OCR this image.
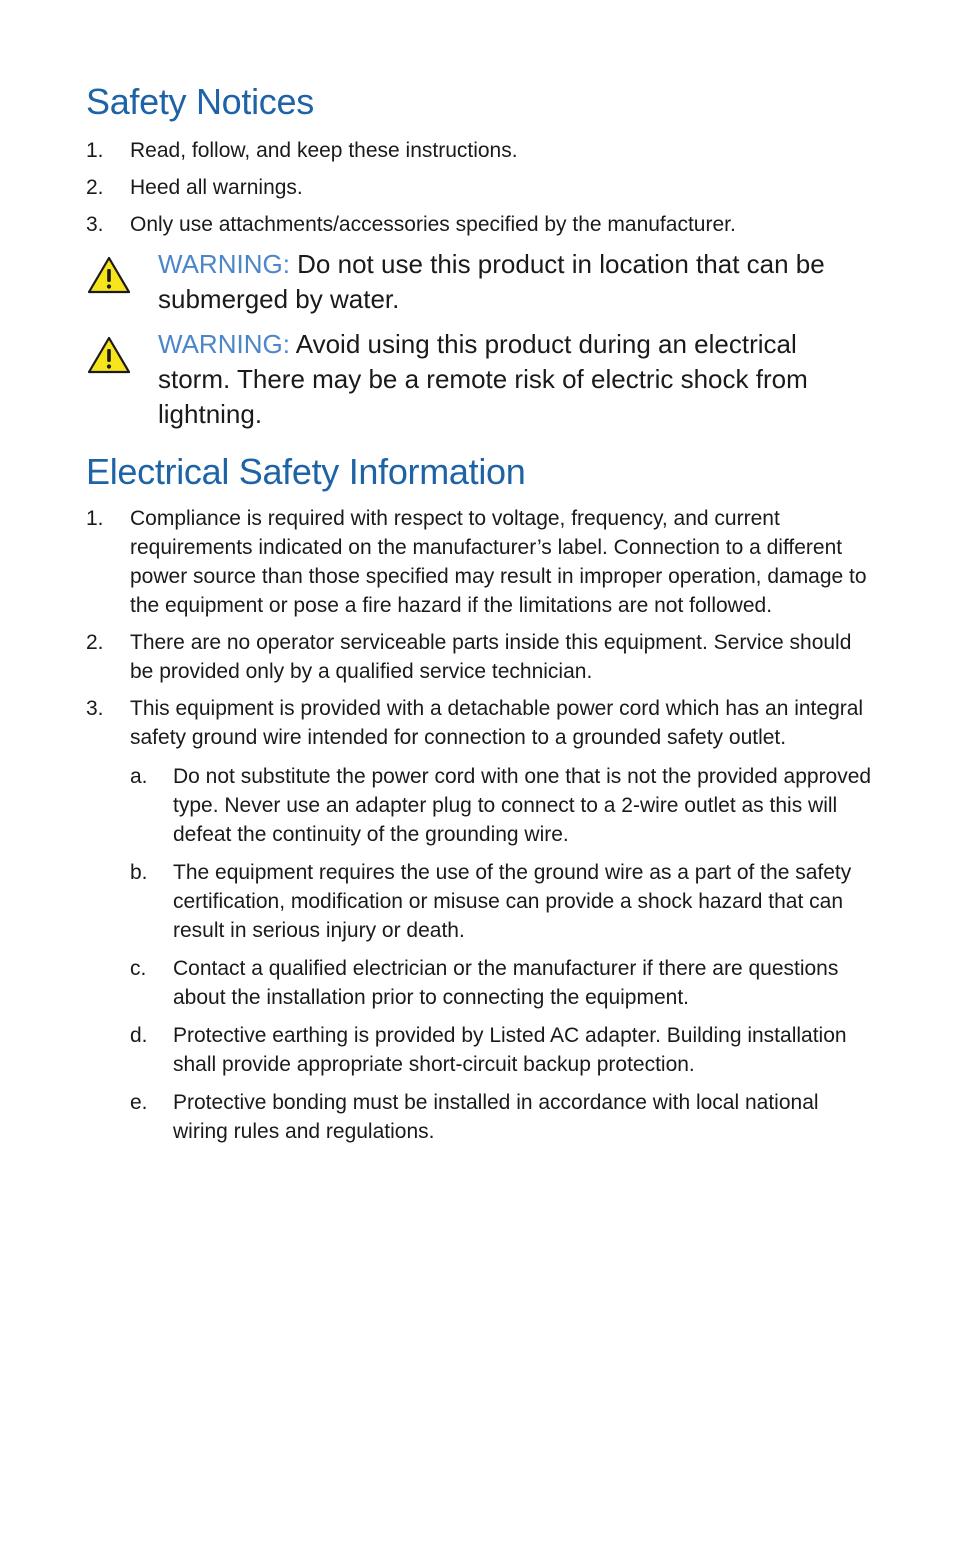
Safety Notices
1. Read, follow, and keep these instructions.
2. Heed all warnings.
3. Only use attachments/accessories specified by the manufacturer.
WARNING: Do not use this product in location that can be submerged by water.
WARNING: Avoid using this product during an electrical storm. There may be a remote risk of electric shock from lightning.
Electrical Safety Information
1. Compliance is required with respect to voltage, frequency, and current requirements indicated on the manufacturer’s label. Connection to a different power source than those specified may result in improper operation, damage to the equipment or pose a fire hazard if the limitations are not followed.
2. There are no operator serviceable parts inside this equipment. Service should be provided only by a qualified service technician.
3. This equipment is provided with a detachable power cord which has an integral safety ground wire intended for connection to a grounded safety outlet.
a. Do not substitute the power cord with one that is not the provided approved type. Never use an adapter plug to connect to a 2-wire outlet as this will defeat the continuity of the grounding wire.
b. The equipment requires the use of the ground wire as a part of the safety certification, modification or misuse can provide a shock hazard that can result in serious injury or death.
c. Contact a qualified electrician or the manufacturer if there are questions about the installation prior to connecting the equipment.
d. Protective earthing is provided by Listed AC adapter. Building installation shall provide appropriate short-circuit backup protection.
e. Protective bonding must be installed in accordance with local national wiring rules and regulations.
